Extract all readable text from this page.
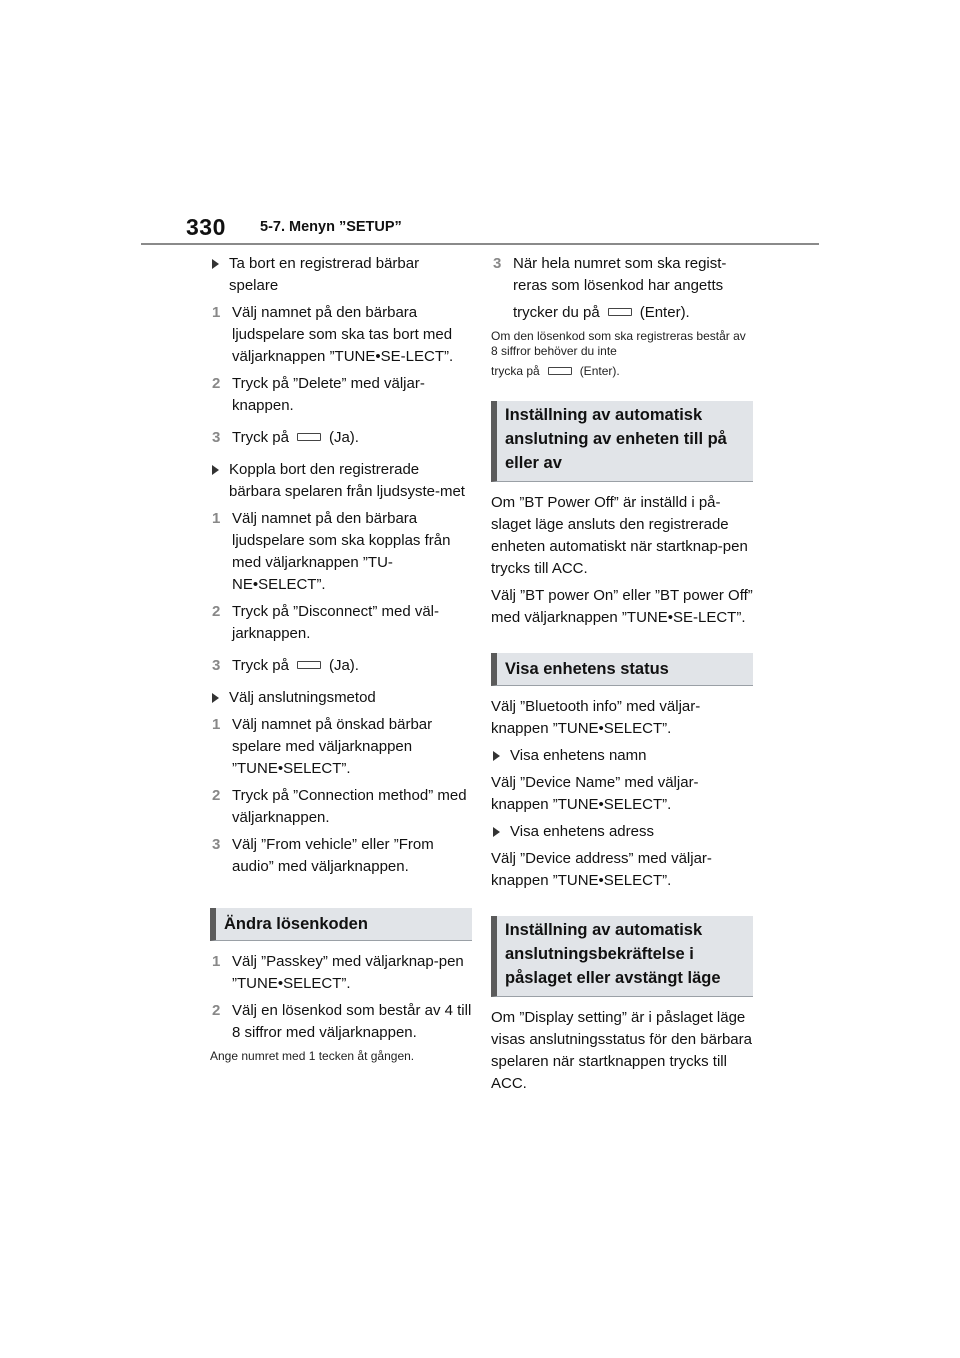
330 5-7. Menyn ”SETUP”
Ta bort en registrerad bärbar spelare
1 Välj namnet på den bärbara ljudspelare som ska tas bort med väljarknappen ”TUNE•SE-LECT”.
2 Tryck på ”Delete” med väljar-knappen.
3 Tryck på	(Ja).
Koppla bort den registrerade bärbara spelaren från ljudsyste-met
1 Välj namnet på den bärbara ljudspelare som ska kopplas från med väljarknappen ”TU-NE•SELECT”.
2 Tryck på ”Disconnect” med väl-jarknappen.
3 Tryck på	(Ja).
Välj anslutningsmetod
1 Välj namnet på önskad bärbar spelare med väljarknappen ”TUNE•SELECT”.
2 Tryck på ”Connection method” med väljarknappen.
3 Välj ”From vehicle” eller ”From audio” med väljarknappen.
Ändra lösenkoden
1 Välj ”Passkey” med väljarknap-pen ”TUNE•SELECT”.
2 Välj en lösenkod som består av 4 till 8 siffror med väljarknappen.
Ange numret med 1 tecken åt gången.
3 När hela numret som ska regist-reras som lösenkod har angetts
trycker du på	(Enter).
Om den lösenkod som ska registreras består av 8 siffror behöver du inte
trycka på	(Enter).
Inställning av automatisk anslutning av enheten till på eller av
Om ”BT Power Off” är inställd i på-slaget läge ansluts den registrerade enheten automatiskt när startknap-pen trycks till ACC.
Välj ”BT power On” eller ”BT power Off” med väljarknappen ”TUNE•SE-LECT”.
Visa enhetens status
Välj ”Bluetooth info” med väljar-knappen ”TUNE•SELECT”.
Visa enhetens namn
Välj ”Device Name” med väljar-knappen ”TUNE•SELECT”.
Visa enhetens adress
Välj ”Device address” med väljar-knappen ”TUNE•SELECT”.
Inställning av automatisk anslutningsbekräftelse i påslaget eller avstängt läge
Om ”Display setting” är i påslaget läge visas anslutningsstatus för den bärbara spelaren när startknappen trycks till ACC.
